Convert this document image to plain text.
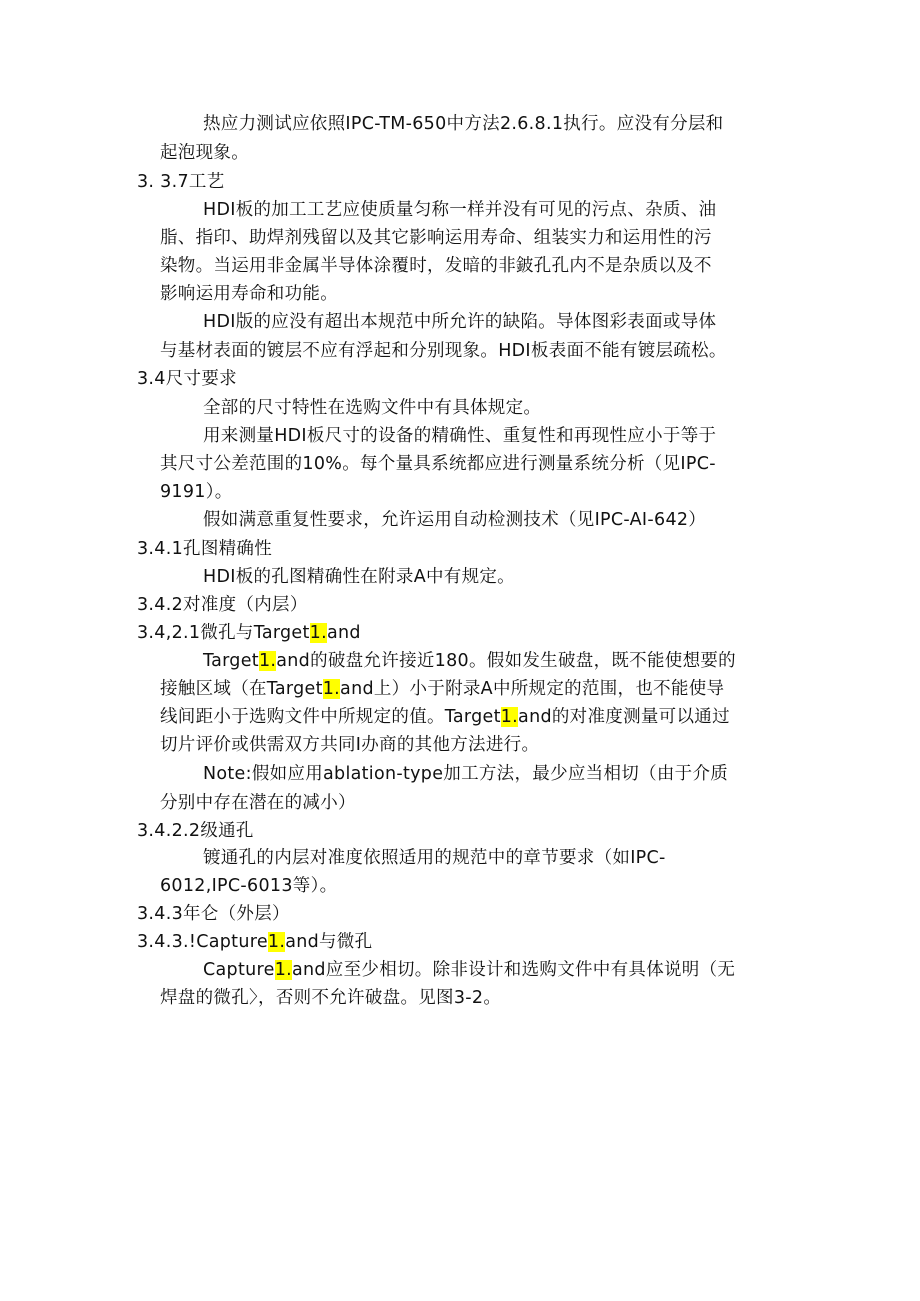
热应力测试应依照IPC-TM-650中方法2.6.8.1执行。应没有分层和
起泡现象。
3. 3.7工艺
HDI板的加工工艺应使质量匀称一样并没有可见的污点、杂质、油
脂、指印、助焊剂残留以及其它影响运用寿命、组装实力和运用性的污
染物。当运用非金属半导体涂覆时，发暗的非鈹孔孔内不是杂质以及不
影响运用寿命和功能。
HDI版的应没有超出本规范中所允许的缺陷。导体图彩表面或导体
与基材表面的镀层不应有浮起和分别现象。HDI板表面不能有镀层疏松。
3.4尺寸要求
全部的尺寸特性在选购文件中有具体规定。
用来测量HDI板尺寸的设备的精确性、重复性和再现性应小于等于
其尺寸公差范围的10%。每个量具系统都应进行测量系统分析（见IPC-
9191）。
假如满意重复性要求，允许运用自动检测技术（见IPC-AI-642）
3.4.1孔图精确性
HDI板的孔图精确性在附录A中有规定。
3.4.2对准度（内层）
3.4,2.1微孔与Target1.and
Target1.and的破盘允许接近180。假如发生破盘，既不能使想要的
接触区域（在Target1.and上）小于附录A中所规定的范围，也不能使导
线间距小于选购文件中所规定的值。Target1.and的对准度测量可以通过
切片评价或供需双方共同I办商的其他方法进行。
Note:假如应用ablation-type加工方法，最少应当相切（由于介质
分别中存在潜在的减小）
3.4.2.2级通孔
镀通孔的内层对准度依照适用的规范中的章节要求（如IPC-
6012,IPC-6013等）。
3.4.3年仑（外层）
3.4.3.!Capture1.and与微孔
Capture1.and应至少相切。除非设计和选购文件中有具体说明（无
焊盘的微孔〉，否则不允许破盘。见图3-2。
